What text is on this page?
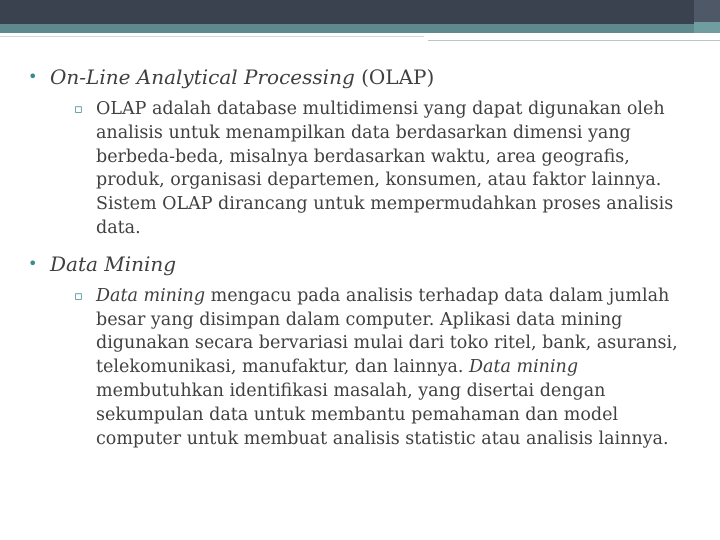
• On-Line Analytical Processing (OLAP)
▫ OLAP adalah database multidimensi yang dapat digunakan oleh analisis untuk menampilkan data berdasarkan dimensi yang berbeda-beda, misalnya berdasarkan waktu, area geografis, produk, organisasi departemen, konsumen, atau faktor lainnya. Sistem OLAP dirancang untuk mempermudahkan proses analisis data.
• Data Mining
▫ Data mining mengacu pada analisis terhadap data dalam jumlah besar yang disimpan dalam computer. Aplikasi data mining digunakan secara bervariasi mulai dari toko ritel, bank, asuransi, telekomunikasi, manufaktur, dan lainnya. Data mining membutuhkan identifikasi masalah, yang disertai dengan sekumpulan data untuk membantu pemahaman dan model computer untuk membuat analisis statistic atau analisis lainnya.
